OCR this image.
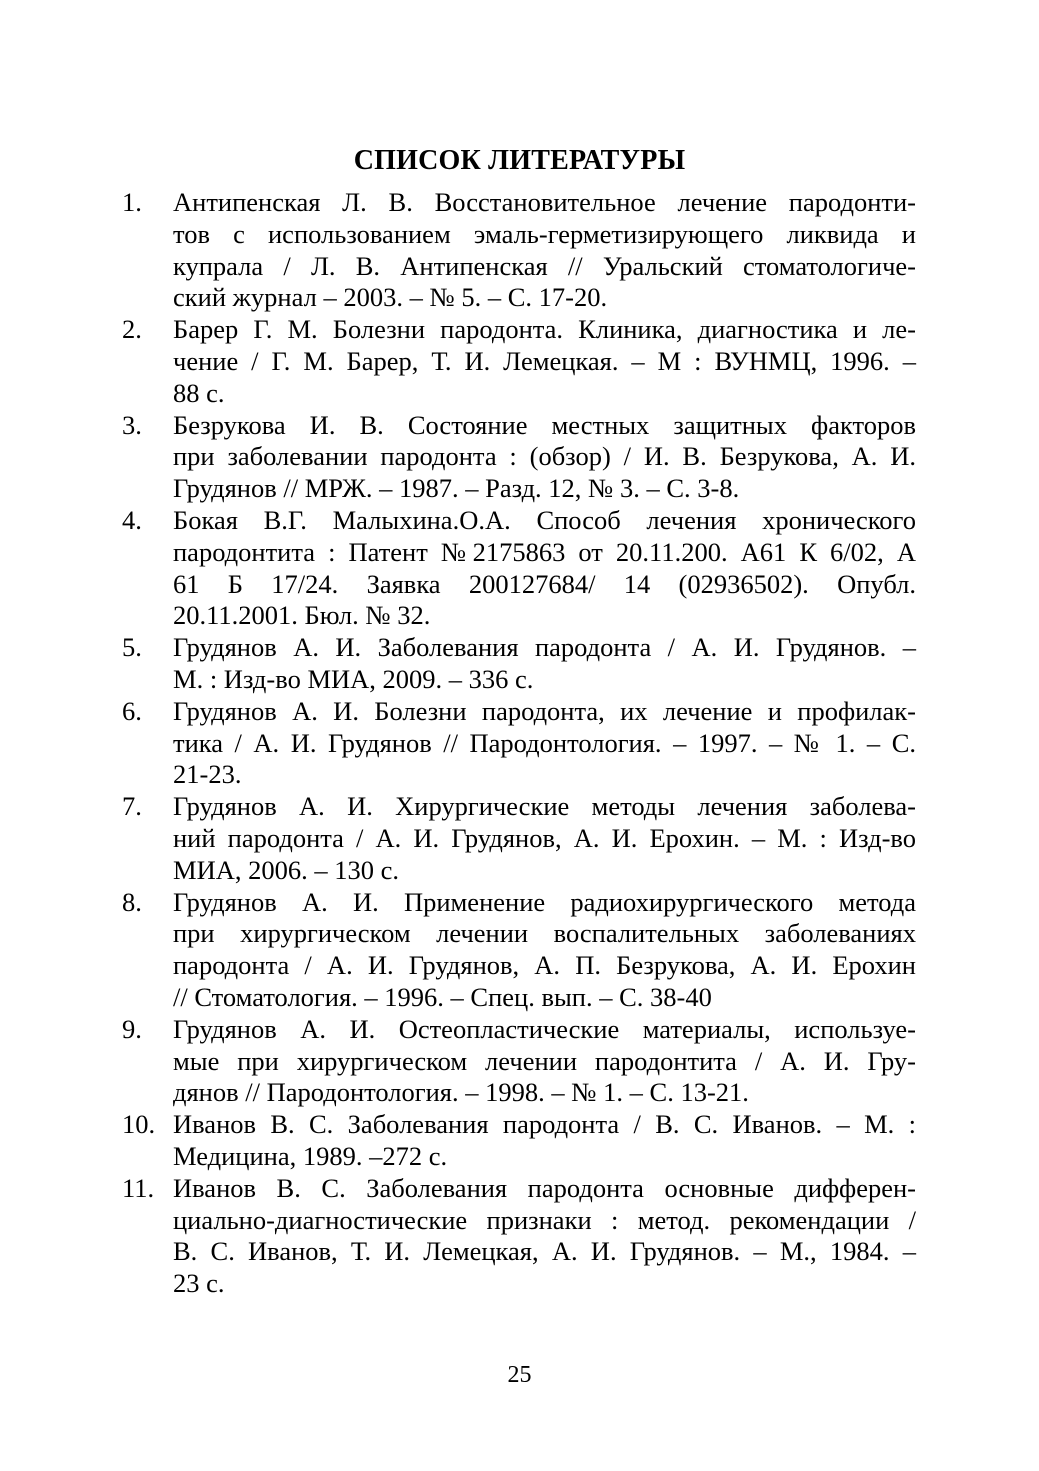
СПИСОК ЛИТЕРАТУРЫ
1.	Антипенская Л. В. Восстановительное лечение пародонти-
тов с использованием эмаль-герметизирующего ликвида и
купрала / Л. В. Антипенская // Уральский стоматологиче-
ский журнал – 2003. – № 5. – С. 17-20.
2.	Барер Г. М. Болезни пародонта. Клиника, диагностика и ле-
чение / Г. М. Барер, Т. И. Лемецкая. – М : ВУНМЦ, 1996. –
88 с.
3.	Безрукова И. В. Состояние местных защитных факторов
при заболевании пародонта : (обзор) / И. В. Безрукова, А. И.
Грудянов // МРЖ. – 1987. – Разд. 12, № 3. – С. 3-8.
4.	Бокая В.Г. Малыхина.О.А. Способ лечения хронического
пародонтита : Патент №2175863 от 20.11.200. А61 К 6/02, А
61 Б 17/24. Заявка 200127684/ 14 (02936502). Опубл.
20.11.2001. Бюл. № 32.
5.	Грудянов А. И. Заболевания пародонта / А. И. Грудянов. –
М. : Изд-во МИА, 2009. – 336 с.
6.	Грудянов А. И. Болезни пародонта, их лечение и профилак-
тика / А. И. Грудянов // Пародонтология. – 1997. – № 1. – С.
21-23.
7.	Грудянов А. И. Хирургические методы лечения заболева-
ний пародонта / А. И. Грудянов, А. И. Ерохин. – М. : Изд-во
МИА, 2006. – 130 с.
8.	Грудянов А. И. Применение радиохирургического метода
при хирургическом лечении воспалительных заболеваниях
пародонта / А. И. Грудянов, А. П. Безрукова, А. И. Ерохин
// Стоматология. – 1996. – Спец. вып. – С. 38-40
9.	Грудянов А. И. Остеопластические материалы, используе-
мые при хирургическом лечении пародонтита / А. И. Гру-
дянов // Пародонтология. – 1998. – № 1. – С. 13-21.
10. Иванов В. С. Заболевания пародонта / В. С. Иванов. – М. :
Медицина, 1989. –272 с.
11. Иванов В. С. Заболевания пародонта основные дифферен-
циально-диагностические признаки : метод. рекомендации /
В. С. Иванов, Т. И. Лемецкая, А. И. Грудянов. – М., 1984. –
23 с.
25
